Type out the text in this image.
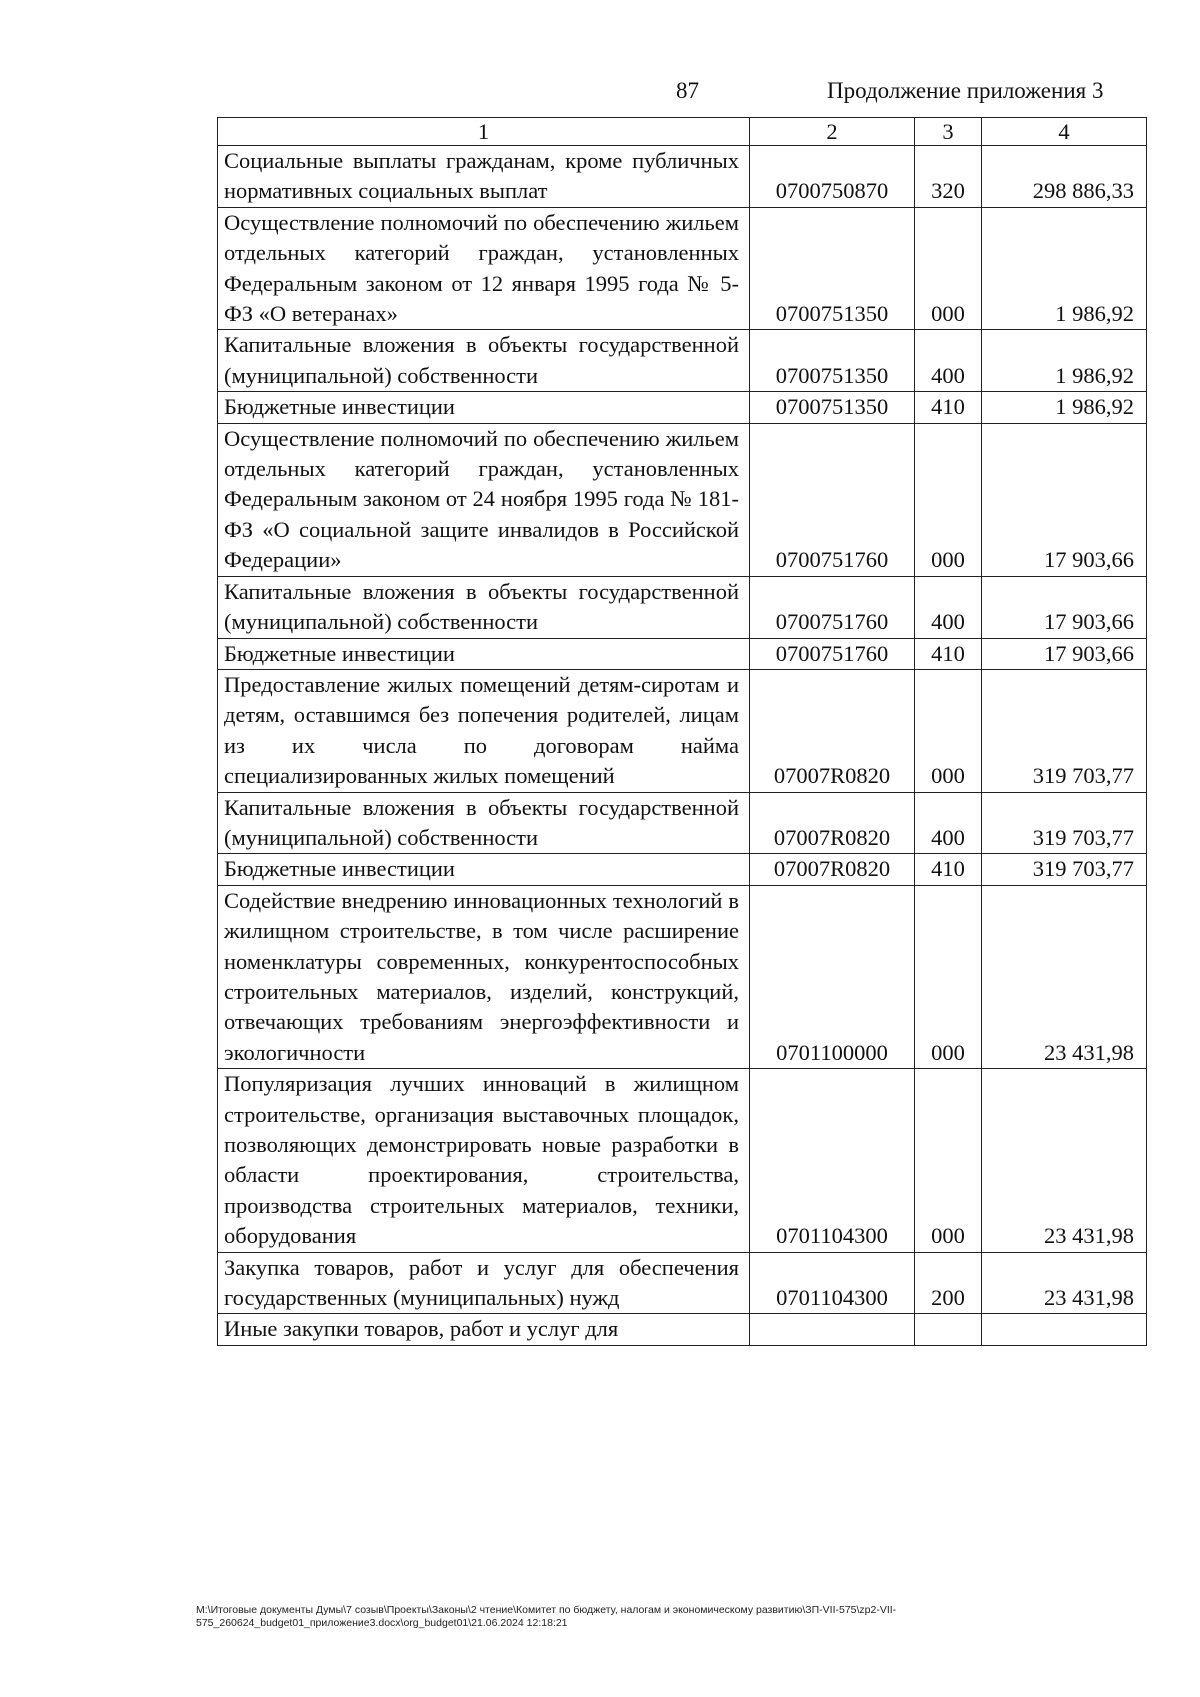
87	Продолжение приложения 3
1	2	3	4
Социальные выплаты гражданам, кроме публичных нормативных социальных выплат	0700750870	320	298 886,33
Осуществление полномочий по обеспечению жильем отдельных категорий граждан, установленных Федеральным законом от 12 января 1995 года № 5-ФЗ «О ветеранах»	0700751350	000	1 986,92
Капитальные вложения в объекты государственной (муниципальной) собственности	0700751350	400	1 986,92
Бюджетные инвестиции	0700751350	410	1 986,92
Осуществление полномочий по обеспечению жильем отдельных категорий граждан, установленных Федеральным законом от 24 ноября 1995 года № 181-ФЗ «О социальной защите инвалидов в Российской Федерации»	0700751760	000	17 903,66
Капитальные вложения в объекты государственной (муниципальной) собственности	0700751760	400	17 903,66
Бюджетные инвестиции	0700751760	410	17 903,66
Предоставление жилых помещений детям-сиротам и детям, оставшимся без попечения родителей, лицам из их числа по договорам найма специализированных жилых помещений	07007R0820	000	319 703,77
Капитальные вложения в объекты государственной (муниципальной) собственности	07007R0820	400	319 703,77
Бюджетные инвестиции	07007R0820	410	319 703,77
Содействие внедрению инновационных технологий в жилищном строительстве, в том числе расширение номенклатуры современных, конкурентоспособных строительных материалов, изделий, конструкций, отвечающих требованиям энергоэффективности и экологичности	0701100000	000	23 431,98
Популяризация лучших инноваций в жилищном строительстве, организация выставочных площадок, позволяющих демонстрировать новые разработки в области проектирования, строительства, производства строительных материалов, техники, оборудования	0701104300	000	23 431,98
Закупка товаров, работ и услуг для обеспечения государственных (муниципальных) нужд	0701104300	200	23 431,98
Иные закупки товаров, работ и услуг для			
M:\Итоговые документы Думы\7 созыв\Проекты\Законы\2 чтение\Комитет по бюджету, налогам и экономическому развитию\ЗП-VII-575\zp2-VII-575_260624_budget01_приложение3.docx\org_budget01\21.06.2024 12:18:21
